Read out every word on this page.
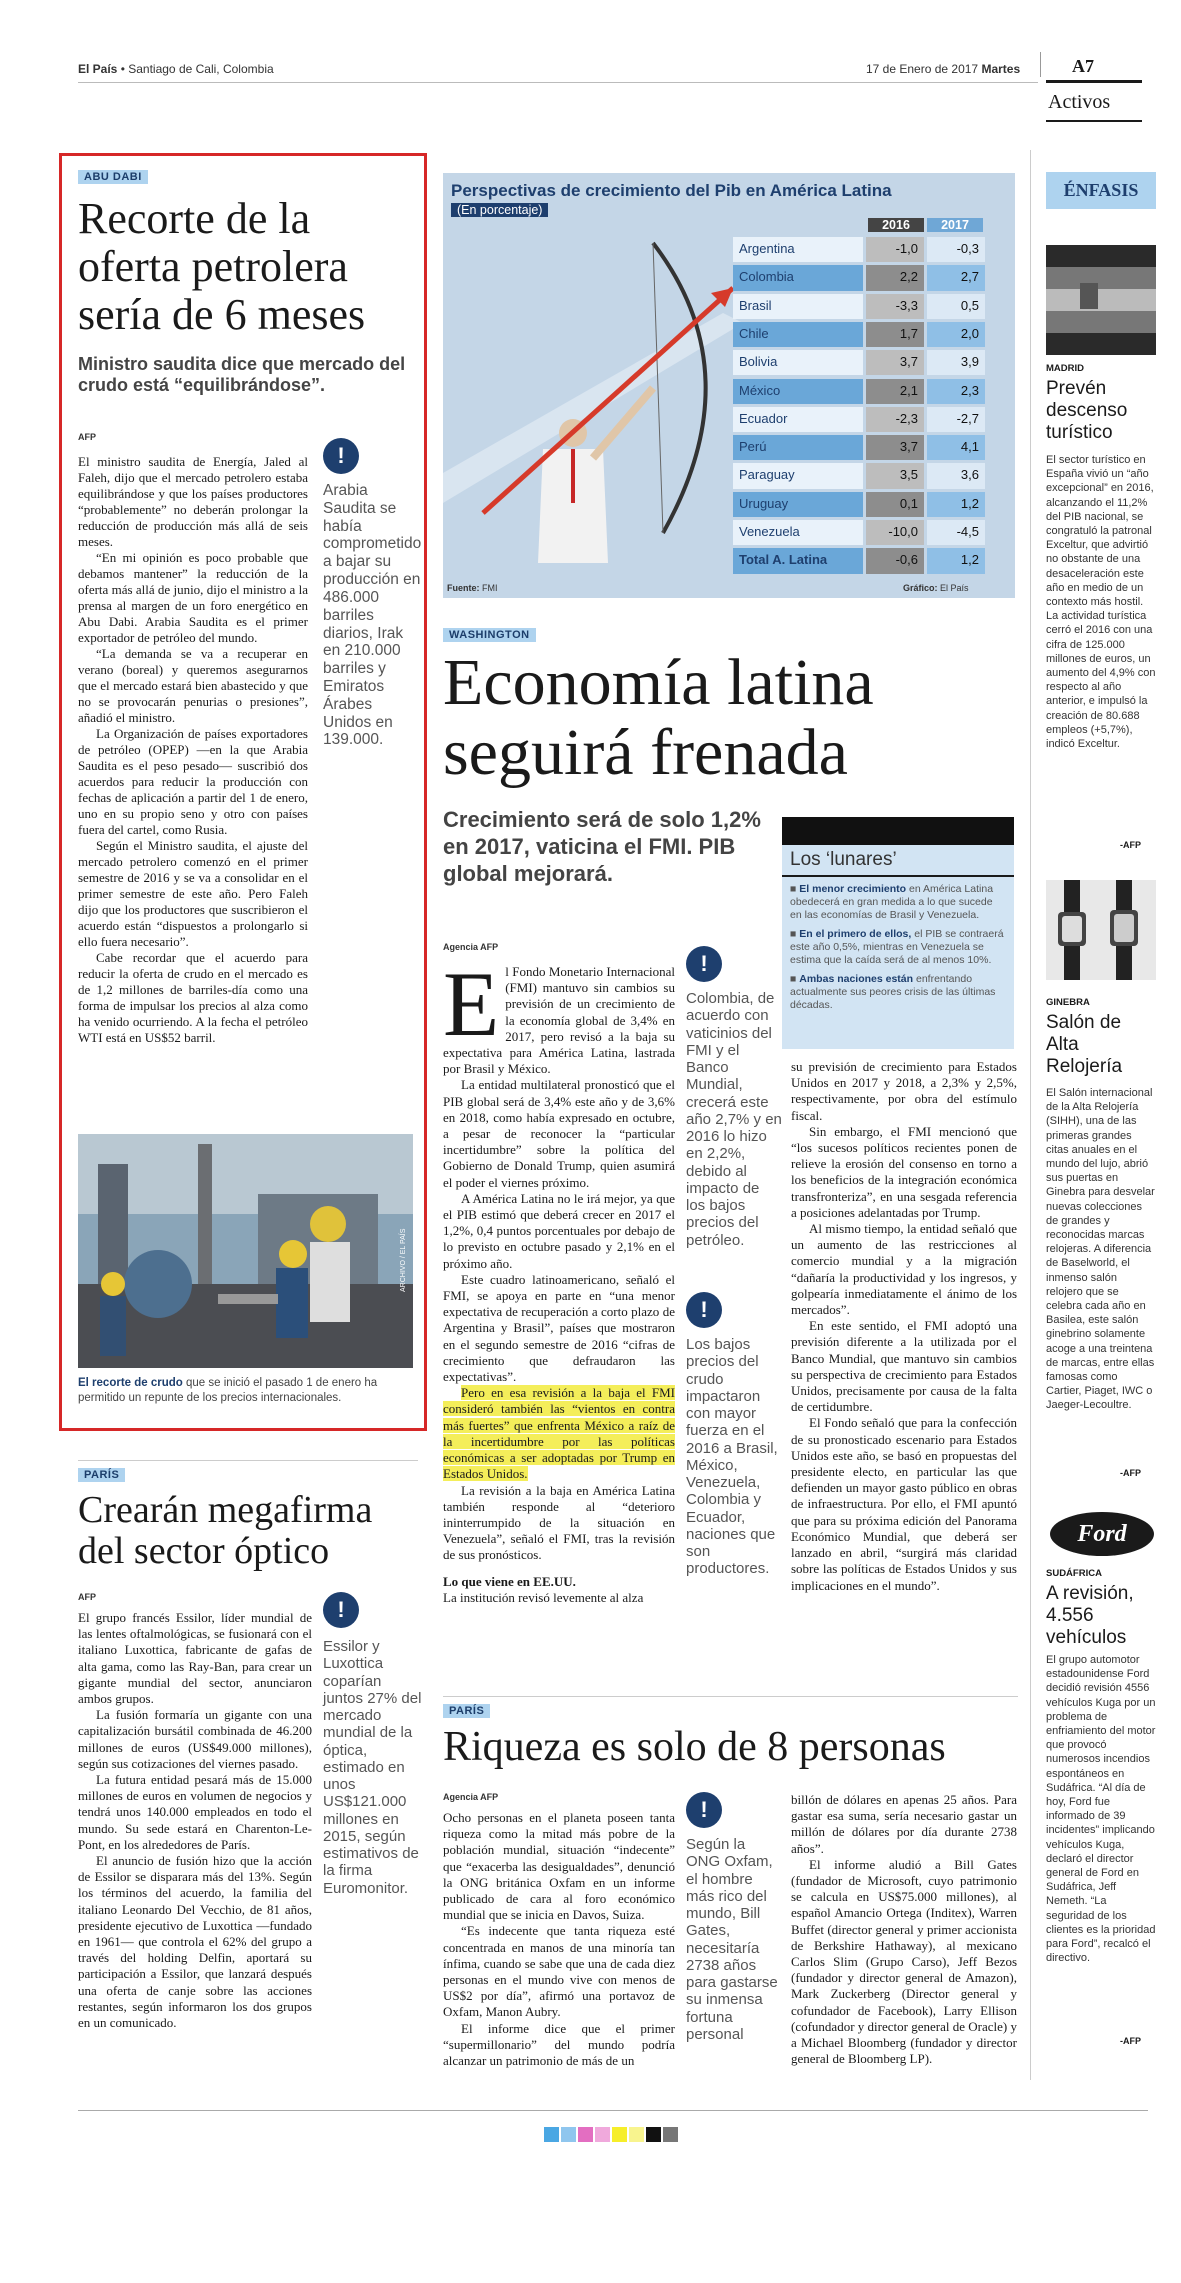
El País • Santiago de Cali, Colombia	17 de Enero de 2017 Martes	A7
Activos
ABU DABI
Recorte de la oferta petrolera sería de 6 meses
Ministro saudita dice que mercado del crudo está “equilibrándose”.
AFP

El ministro saudita de Energía, Jaled al Faleh, dijo que el mercado petrolero estaba equilibrándose y que los países productores “probablemente” no deberán prolongar la reducción de producción más allá de seis meses.

“En mi opinión es poco probable que debamos mantener” la reducción de la oferta más allá de junio, dijo el ministro a la prensa al margen de un foro energético en Abu Dabi. Arabia Saudita es el primer exportador de petróleo del mundo.

“La demanda se va a recuperar en verano (boreal) y queremos asegurarnos que el mercado estará bien abastecido y que no se provocarán penurias o presiones”, añadió el ministro.

La Organización de países exportadores de petróleo (OPEP) —en la que Arabia Saudita es el peso pesado— suscribió dos acuerdos para reducir la producción con fechas de aplicación a partir del 1 de enero, uno en su propio seno y otro con países fuera del cartel, como Rusia.

Según el Ministro saudita, el ajuste del mercado petrolero comenzó en el primer semestre de 2016 y se va a consolidar en el primer semestre de este año. Pero Faleh dijo que los productores que suscribieron el acuerdo están “dispuestos a prolongarlo si ello fuera necesario”.

Cabe recordar que el acuerdo para reducir la oferta de crudo en el mercado es de 1,2 millones de barriles-día como una forma de impulsar los precios al alza como ha venido ocurriendo. A la fecha el petróleo WTI está en US$52 barril.

!
Arabia Saudita se había comprometido a bajar su producción en 486.000 barriles diarios, Irak en 210.000 barriles y Emiratos Árabes Unidos en 139.000.
ARCHIVO / EL PAÍS
El recorte de crudo que se inició el pasado 1 de enero ha permitido un repunte de los precios internacionales.
Perspectivas de crecimiento del Pib en América Latina
(En porcentaje)
2016	2017
Argentina	-1,0	-0,3
Colombia	2,2	2,7
Brasil	-3,3	0,5
Chile	1,7	2,0
Bolivia	3,7	3,9
México	2,1	2,3
Ecuador	-2,3	-2,7
Perú	3,7	4,1
Paraguay	3,5	3,6
Uruguay	0,1	1,2
Venezuela	-10,0	-4,5
Total A. Latina	-0,6	1,2
Fuente: FMI	Gráfico: El País
WASHINGTON
Economía latina seguirá frenada
Crecimiento será de solo 1,2% en 2017, vaticina el FMI. PIB global mejorará.
Los ‘lunares’

■ El menor crecimiento en América Latina obedecerá en gran medida a lo que sucede en las economías de Brasil y Venezuela.

■ En el primero de ellos, el PIB se contraerá este año 0,5%, mientras en Venezuela se estima que la caída será de al menos 10%.

■ Ambas naciones están enfrentando actualmente sus peores crisis de las últimas décadas.

Agencia AFP

El Fondo Monetario Internacional (FMI) mantuvo sin cambios su previsión de un crecimiento de la economía global de 3,4% en 2017, pero revisó a la baja su expectativa para América Latina, lastrada por Brasil y México.

La entidad multilateral pronosticó que el PIB global será de 3,4% este año y de 3,6% en 2018, como había expresado en octubre, a pesar de reconocer la “particular incertidumbre” sobre la política del Gobierno de Donald Trump, quien asumirá el poder el viernes próximo.

A América Latina no le irá mejor, ya que el PIB estimó que deberá crecer en 2017 el 1,2%, 0,4 puntos porcentuales por debajo de lo previsto en octubre pasado y 2,1% en el próximo año.

Este cuadro latinoamericano, señaló el FMI, se apoya en parte en “una menor expectativa de recuperación a corto plazo de Argentina y Brasil”, países que mostraron en el segundo semestre de 2016 “cifras de crecimiento que defraudaron las expectativas”.

Pero en esa revisión a la baja el FMI consideró también las “vientos en contra más fuertes” que enfrenta México a raíz de la incertidumbre por las políticas económicas a ser adoptadas por Trump en Estados Unidos.

La revisión a la baja en América Latina también responde al “deterioro ininterrumpido de la situación en Venezuela”, señaló el FMI, tras la revisión de sus pronósticos.

Lo que viene en EE.UU.

La institución revisó levemente al alza

!
Colombia, de acuerdo con vaticinios del FMI y el Banco Mundial, crecerá este año 2,7% y en 2016 lo hizo en 2,2%, debido al impacto de los bajos precios del petróleo.
!
Los bajos precios del crudo impactaron con mayor fuerza en el 2016 a Brasil, México, Venezuela, Colombia y Ecuador, naciones que son productores.

su previsión de crecimiento para Estados Unidos en 2017 y 2018, a 2,3% y 2,5%, respectivamente, por obra del estímulo fiscal.

Sin embargo, el FMI mencionó que “los sucesos políticos recientes ponen de relieve la erosión del consenso en torno a los beneficios de la integración económica transfronteriza”, en una sesgada referencia a posiciones adelantadas por Trump.

Al mismo tiempo, la entidad señaló que un aumento de las restricciones al comercio mundial y a la migración “dañaría la productividad y los ingresos, y golpearía inmediatamente el ánimo de los mercados”.

En este sentido, el FMI adoptó una previsión diferente a la utilizada por el Banco Mundial, que mantuvo sin cambios su perspectiva de crecimiento para Estados Unidos, precisamente por causa de la falta de certidumbre.

El Fondo señaló que para la confección de su pronosticado escenario para Estados Unidos este año, se basó en propuestas del presidente electo, en particular las que defienden un mayor gasto público en obras de infraestructura. Por ello, el FMI apuntó que para su próxima edición del Panorama Económico Mundial, que deberá ser lanzado en abril, “surgirá más claridad sobre las políticas de Estados Unidos y sus implicaciones en el mundo”.

PARÍS
Crearán megafirma del sector óptico
AFP

El grupo francés Essilor, líder mundial de las lentes oftalmológicas, se fusionará con el italiano Luxottica, fabricante de gafas de alta gama, como las Ray-Ban, para crear un gigante mundial del sector, anunciaron ambos grupos.

La fusión formaría un gigante con una capitalización bursátil combinada de 46.200 millones de euros (US$49.000 millones), según sus cotizaciones del viernes pasado.

La futura entidad pesará más de 15.000 millones de euros en volumen de negocios y tendrá unos 140.000 empleados en todo el mundo. Su sede estará en Charenton-Le-Pont, en los alrededores de París.

El anuncio de fusión hizo que la acción de Essilor se disparara más del 13%. Según los términos del acuerdo, la familia del italiano Leonardo Del Vecchio, de 81 años, presidente ejecutivo de Luxottica —fundado en 1961— que controla el 62% del grupo a través del holding Delfin, aportará su participación a Essilor, que lanzará después una oferta de canje sobre las acciones restantes, según informaron los dos grupos en un comunicado.

!
Essilor y Luxottica coparían juntos 27% del mercado mundial de la óptica, estimado en unos US$121.000 millones en 2015, según estimativos de la firma Euromonitor.
PARÍS
Riqueza es solo de 8 personas
Agencia AFP

Ocho personas en el planeta poseen tanta riqueza como la mitad más pobre de la población mundial, situación “indecente” que “exacerba las desigualdades”, denunció la ONG británica Oxfam en un informe publicado de cara al foro económico mundial que se inicia en Davos, Suiza.

“Es indecente que tanta riqueza esté concentrada en manos de una minoría tan ínfima, cuando se sabe que una de cada diez personas en el mundo vive con menos de US$2 por día”, afirmó una portavoz de Oxfam, Manon Aubry.

El informe dice que el primer “supermillonario” del mundo podría alcanzar un patrimonio de más de un

!
Según la ONG Oxfam, el hombre más rico del mundo, Bill Gates, necesitaría 2738 años para gastarse su inmensa fortuna personal

billón de dólares en apenas 25 años. Para gastar esa suma, sería necesario gastar un millón de dólares por día durante 2738 años”.

El informe aludió a Bill Gates (fundador de Microsoft, cuyo patrimonio se calcula en US$75.000 millones), al español Amancio Ortega (Inditex), Warren Buffet (director general y primer accionista de Berkshire Hathaway), al mexicano Carlos Slim (Grupo Carso), Jeff Bezos (fundador y director general de Amazon), Mark Zuckerberg (Director general y cofundador de Facebook), Larry Ellison (cofundador y director general de Oracle) y a Michael Bloomberg (fundador y director general de Bloomberg LP).

ÉNFASIS
MADRID
Prevén descenso turístico
El sector turístico en España vivió un “año excepcional” en 2016, alcanzando el 11,2% del PIB nacional, se congratuló la patronal Exceltur, que advirtió no obstante de una desaceleración este año en medio de un contexto más hostil. La actividad turística cerró el 2016 con una cifra de 125.000 millones de euros, un aumento del 4,9% con respecto al año anterior, e impulsó la creación de 80.688 empleos (+5,7%), indicó Exceltur.
-AFP
GINEBRA
Salón de Alta Relojería
El Salón internacional de la Alta Relojería (SIHH), una de las primeras grandes citas anuales en el mundo del lujo, abrió sus puertas en Ginebra para desvelar nuevas colecciones de grandes y reconocidas marcas relojeras. A diferencia de Baselworld, el inmenso salón relojero que se celebra cada año en Basilea, este salón ginebrino solamente acoge a una treintena de marcas, entre ellas famosas como Cartier, Piaget, IWC o Jaeger-Lecoultre.
-AFP
Ford
SUDÁFRICA
A revisión, 4.556 vehículos
El grupo automotor estadounidense Ford decidió revisión 4556 vehículos Kuga por un problema de enfriamiento del motor que provocó numerosos incendios espontáneos en Sudáfrica. “Al día de hoy, Ford fue informado de 39 incidentes” implicando vehículos Kuga, declaró el director general de Ford en Sudáfrica, Jeff Nemeth. “La seguridad de los clientes es la prioridad para Ford”, recalcó el directivo.
-AFP
